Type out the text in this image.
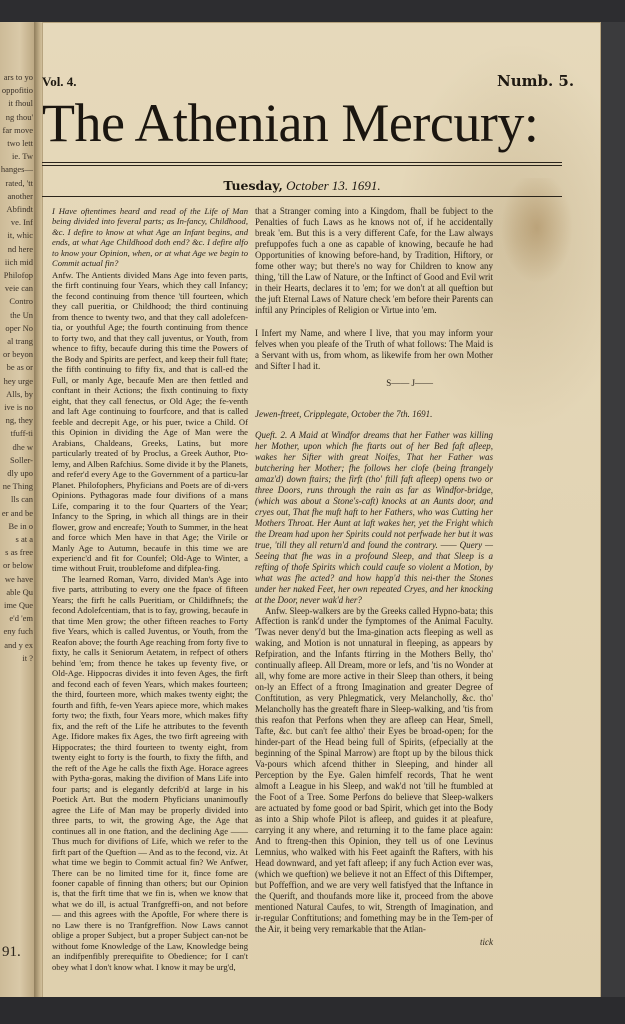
ars to yo
oppofitio
it fhoul
ng thou'
far move
two lett
ie. Tw
hanges—
rated, 'tt
another
Abfindt
ve. Inf
it, whic
nd here
iich mid
Philofop
veie can
Contro
the Un
oper No
al trang
or beyon
be as or
hey urge
Alls, by
ive is no
ng, they
tfuff-ti
dhe w
Soller-
dly upo
ne Thing
lls can
er and be
Be in o
s at a
s as free
or below
we have
able Qu
ime Que
e'd 'em
eny fuch
and y ex
it ?
91.
Vol. 4.	Numb. 5.
The Athenian Mercury:
Tuesday, October 13. 1691.

I Have oftentimes heard and read of the Life of Man being divided into feveral parts; as In-fancy, Childhood, &c. I defire to know at what Age an Infant begins, and ends, at what Age Childhood doth end? &c. I defire alfo to know your Opinion, when, or at what Age we begin to Commit actual fin?

Anfw. The Antients divided Mans Age into feven parts, the firft continuing four Years, which they call Infancy; the fecond continuing from thence 'till fourteen, which they call pueritia, or Childhood; the third continuing from thence to twenty two, and that they call adolefcen-tia, or youthful Age; the fourth continuing from thence to forty two, and that they call juventus, or Youth, from whence to fifty, becaufe during this time the Powers of the Body and Spirits are perfect, and keep their full ftate; the fifth continuing to fifty fix, and that is call-ed the Full, or manly Age, becaufe Men are then fettled and conftant in their Actions; the fixth continuing to fixty eight, that they call fenectus, or Old Age; the fe-venth and laft Age continuing to fourfcore, and that is called feeble and decrepit Age, or his puer, twice a Child. Of this Opinion in dividing the Age of Man were the Arabians, Chaldeans, Greeks, Latins, but more particularly treated of by Proclus, a Greek Author, Pto-lemy, and Alben Rafchius. Some divide it by the Planets, and refer'd every Age to the Government of a particu-lar Planet. Philofophers, Phyficians and Poets are of di-vers Opinions. Pythagoras made four divifions of a mans Life, comparing it to the four Quarters of the Year; Infancy to the Spring, in which all things are in their flower, grow and encreafe; Youth to Summer, in the heat and force which Men have in that Age; the Virile or Manly Age to Autumn, becaufe in this time we are experienc'd and fit for Counfel; Old-Age to Winter, a time without Fruit, troublefome and difplea-fing.

The learned Roman, Varro, divided Man's Age into five parts, attributing to every one the fpace of fifteen Years; the firft he calls Pueritiam, or Childifhnefs; the fecond Adolefcentiam, that is to fay, growing, becaufe in that time Men grow; the other fifteen reaches to Forty five Years, which is called Juventus, or Youth, from the Reafon above; the fourth Age reaching from forty five to fixty, he calls it Seniorum Aetatem, in refpect of others behind 'em; from thence he takes up feventy five, or Old-Age. Hippocras divides it into feven Ages, the firft and fecond each of feven Years, which makes fourteen; the third, fourteen more, which makes twenty eight; the fourth and fifth, fe-ven Years apiece more, which makes forty two; the fixth, four Years more, which makes fifty fix, and the reft of the Life he attributes to the feventh Age. Ifidore makes fix Ages, the two firft agreeing with Hippocrates; the third fourteen to twenty eight, from twenty eight to forty is the fourth, to fixty the fifth, and the reft of the Age he calls the fixth Age. Horace agrees with Pytha-goras, making the divifion of Mans Life into four parts; and is elegantly defcrib'd at large in his Poetick Art. But the modern Phyficians unanimoufly agree the Life of Man may be properly divided into three parts, to wit, the growing Age, the Age that continues all in one ftation, and the declining Age —— Thus much for divifions of Life, which we refer to the firft part of the Queftion — And as to the fecond, viz. At what time we begin to Commit actual fin? We Anfwer, There can be no limited time for it, fince fome are fooner capable of finning than others; but our Opinion is, that the firft time that we fin is, when we know that what we do ill, is actual Tranfgreffi-on, and not before — and this agrees with the Apoftle, For where there is no Law there is no Tranfgreffion. Now Laws cannot oblige a proper Subject, but a proper Subject can-not be without fome Knowledge of the Law, Knowledge being an indifpenfibly prerequifite to Obedience; for I can't obey what I don't know what. I know it may be urg'd,

that a Stranger coming into a Kingdom, fhall be fubject to the Penalties of fuch Laws as he knows not of, if he accidentally break 'em. But this is a very different Cafe, for the Law always prefuppofes fuch a one as capable of knowing, becaufe he had Opportunities of knowing before-hand, by Tradition, Hiftory, or fome other way; but there's no way for Children to know any thing, 'till the Law of Nature, or the Inftinct of Good and Evil writ in their Hearts, declares it to 'em; for we don't at all queftion but the juft Eternal Laws of Nature check 'em before their Parents can inftil any Principles of Religion or Virtue into 'em.

I Infert my Name, and where I live, that you may inform your felves when you pleafe of the Truth of what follows: The Maid is a Servant with us, from whom, as likewife from her own Mother and Sifter I had it.

S—— J——

Jewen-ftreet, Cripplegate, October the 7th. 1691.

Queft. 2. A Maid at Windfor dreams that her Father was killing her Mother, upon which fhe ftarts out of her Bed faft afleep, wakes her Sifter with great Noifes, That her Father was butchering her Mother; fhe follows her clofe (being ftrangely amaz'd) down ftairs; the firft (tho' ftill faft afleep) opens two or three Doors, runs through the rain as far as Windfor-bridge, (which was about a Stone's-caft) knocks at an Aunts door, and cryes out, That fhe muft haft to her Fathers, who was Cutting her Mothers Throat. Her Aunt at laft wakes her, yet the Fright which the Dream had upon her Spirits could not perfwade her but it was true, 'till they all return'd and found the contrary. —— Query — Seeing that fhe was in a profound Sleep, and that Sleep is a refting of thofe Spirits which could caufe so violent a Motion, by what was fhe acted? and how happ'd this nei-ther the Stones under her naked Feet, her own repeated Cryes, and her knocking at the Door, never wak'd her?

Anfw. Sleep-walkers are by the Greeks called Hypno-bata; this Affection is rank'd under the fymptomes of the Animal Faculty. 'Twas never deny'd but the Ima-gination acts fleeping as well as waking, and Motion is not unnatural in fleeping, as appears by Refpiration, and the Infants ftirring in the Mothers Belly, tho' continually afleep. All Dream, more or lefs, and 'tis no Wonder at all, why fome are more active in their Sleep than others, it being on-ly an Effect of a ftrong Imagination and greater Degree of Conftitution, as very Phlegmatick, very Melancholly, &c. tho' Melancholly has the greateft fhare in Sleep-walking, and 'tis from this reafon that Perfons when they are afleep can Hear, Smell, Tafte, &c. but can't fee altho' their Eyes be broad-open; for the hinder-part of the Head being full of Spirits, (efpecially at the beginning of the Spinal Marrow) are ftopt up by the bilous thick Va-pours which afcend thither in Sleeping, and hinder all Perception by the Eye. Galen himfelf records, That he went almoft a League in his Sleep, and wak'd not 'till he ftumbled at the Foot of a Tree. Some Perfons do believe that Sleep-walkers are actuated by fome good or bad Spirit, which get into the Body as into a Ship whofe Pilot is afleep, and guides it at pleafure, carrying it any where, and returning it to the fame place again: And to ftreng-then this Opinion, they tell us of one Levinus Lemnius, who walked with his Feet againft the Rafters, with his Head downward, and yet faft afleep; if any fuch Action ever was, (which we queftion) we believe it not an Effect of this Diftemper, but Poffeffion, and we are very well fatisfyed that the Inftance in the Querift, and thoufands more like it, proceed from the above mentioned Natural Caufes, to wit, Strength of Imagination, and ir-regular Conftitutions; and fomething may be in the Tem-per of the Air, it being very remarkable that the Atlan-

tick
